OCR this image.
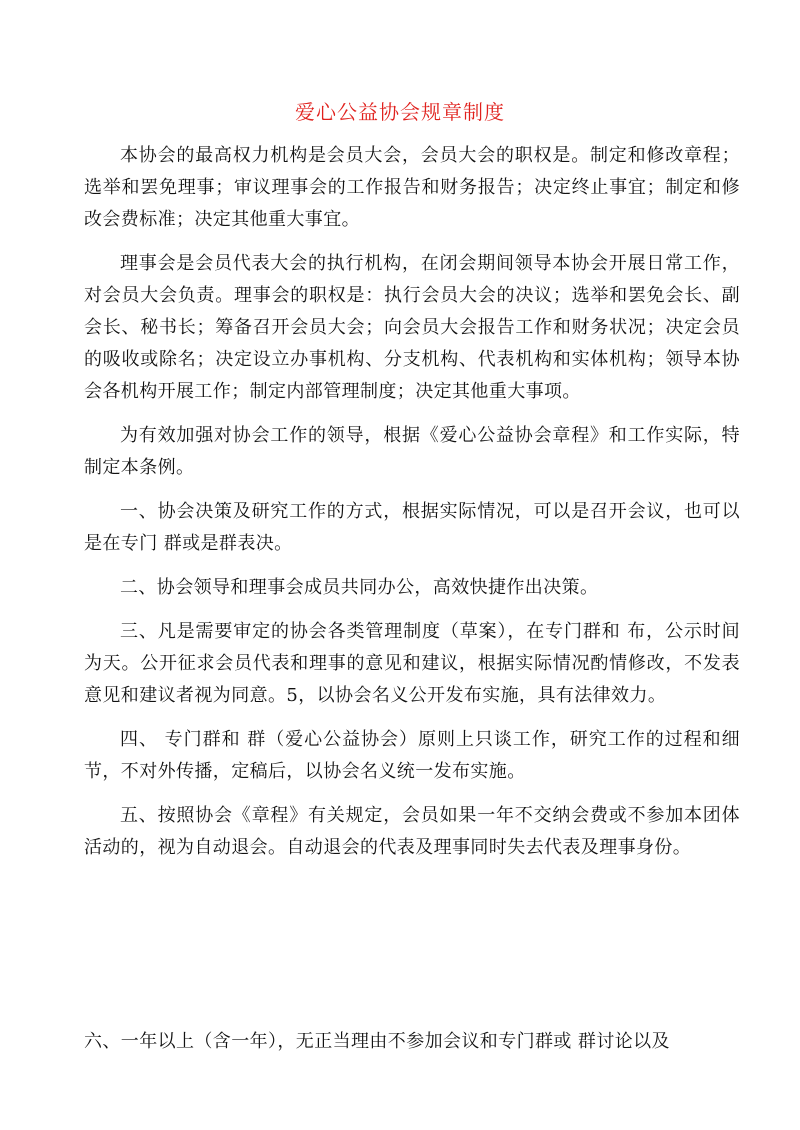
爱心公益协会规章制度

本协会的最高权力机构是会员大会，会员大会的职权是。制定和修改章程；选举和罢免理事；审议理事会的工作报告和财务报告；决定终止事宜；制定和修改会费标准；决定其他重大事宜。

理事会是会员代表大会的执行机构，在闭会期间领导本协会开展日常工作，对会员大会负责。理事会的职权是：执行会员大会的决议；选举和罢免会长、副会长、秘书长；筹备召开会员大会；向会员大会报告工作和财务状况；决定会员的吸收或除名；决定设立办事机构、分支机构、代表机构和实体机构；领导本协会各机构开展工作；制定内部管理制度；决定其他重大事项。

为有效加强对协会工作的领导，根据《爱心公益协会章程》和工作实际，特制定本条例。

一、协会决策及研究工作的方式，根据实际情况，可以是召开会议，也可以是在专门 群或是群表决。

二、协会领导和理事会成员共同办公，高效快捷作出决策。

三、凡是需要审定的协会各类管理制度（草案），在专门群和 布，公示时间为天。公开征求会员代表和理事的意见和建议，根据实际情况酌情修改，不发表意见和建议者视为同意。5，以协会名义公开发布实施，具有法律效力。

四、 专门群和 群（爱心公益协会）原则上只谈工作，研究工作的过程和细节，不对外传播，定稿后，以协会名义统一发布实施。

五、按照协会《章程》有关规定，会员如果一年不交纳会费或不参加本团体活动的，视为自动退会。自动退会的代表及理事同时失去代表及理事身份。

六、一年以上（含一年），无正当理由不参加会议和专门群或 群讨论以及
